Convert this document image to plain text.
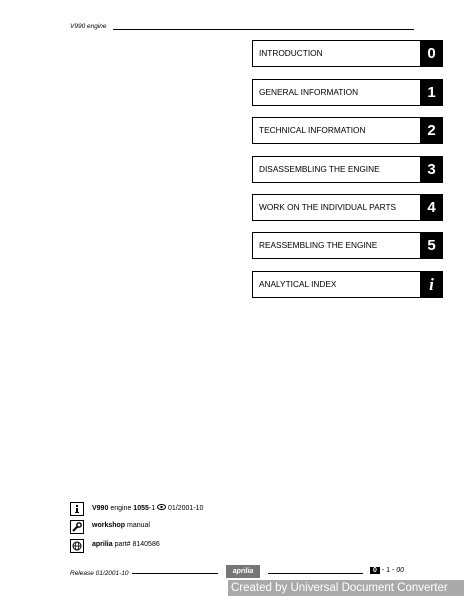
V990 engine
INTRODUCTION	0
GENERAL INFORMATION	1
TECHNICAL INFORMATION	2
DISASSEMBLING THE ENGINE	3
WORK ON THE INDIVIDUAL PARTS	4
REASSEMBLING THE ENGINE	5
ANALYTICAL INDEX	i
V990 engine 1055-1 01/2001-10
workshop manual
aprilia part# 8140586
Release 01/2001-10	aprilia	0 - 1 - 00
Created by Universal Document Converter
